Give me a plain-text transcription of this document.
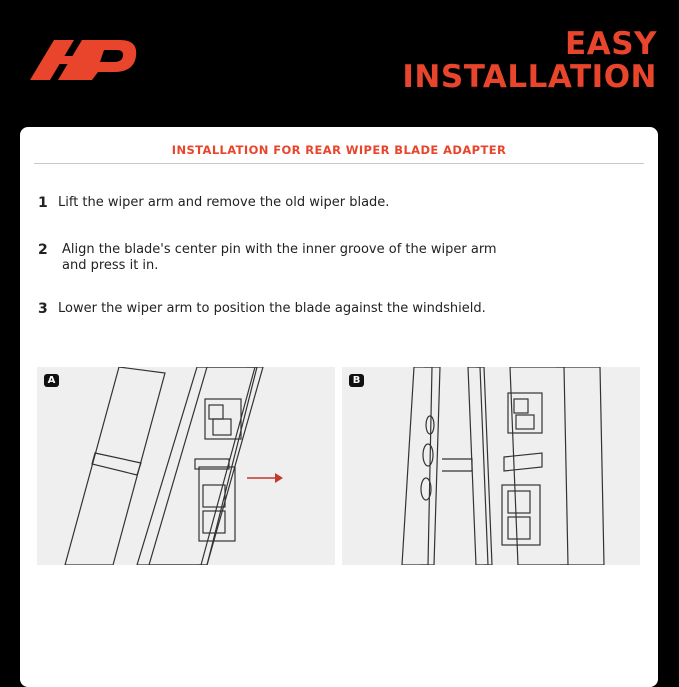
EASY
INSTALLATION
INSTALLATION FOR REAR WIPER BLADE ADAPTER
1 Lift the wiper arm and remove the old wiper blade.
2 Align the blade's center pin with the inner groove of the wiper arm and press it in.
3 Lower the wiper arm to position the blade against the windshield.
A	B
